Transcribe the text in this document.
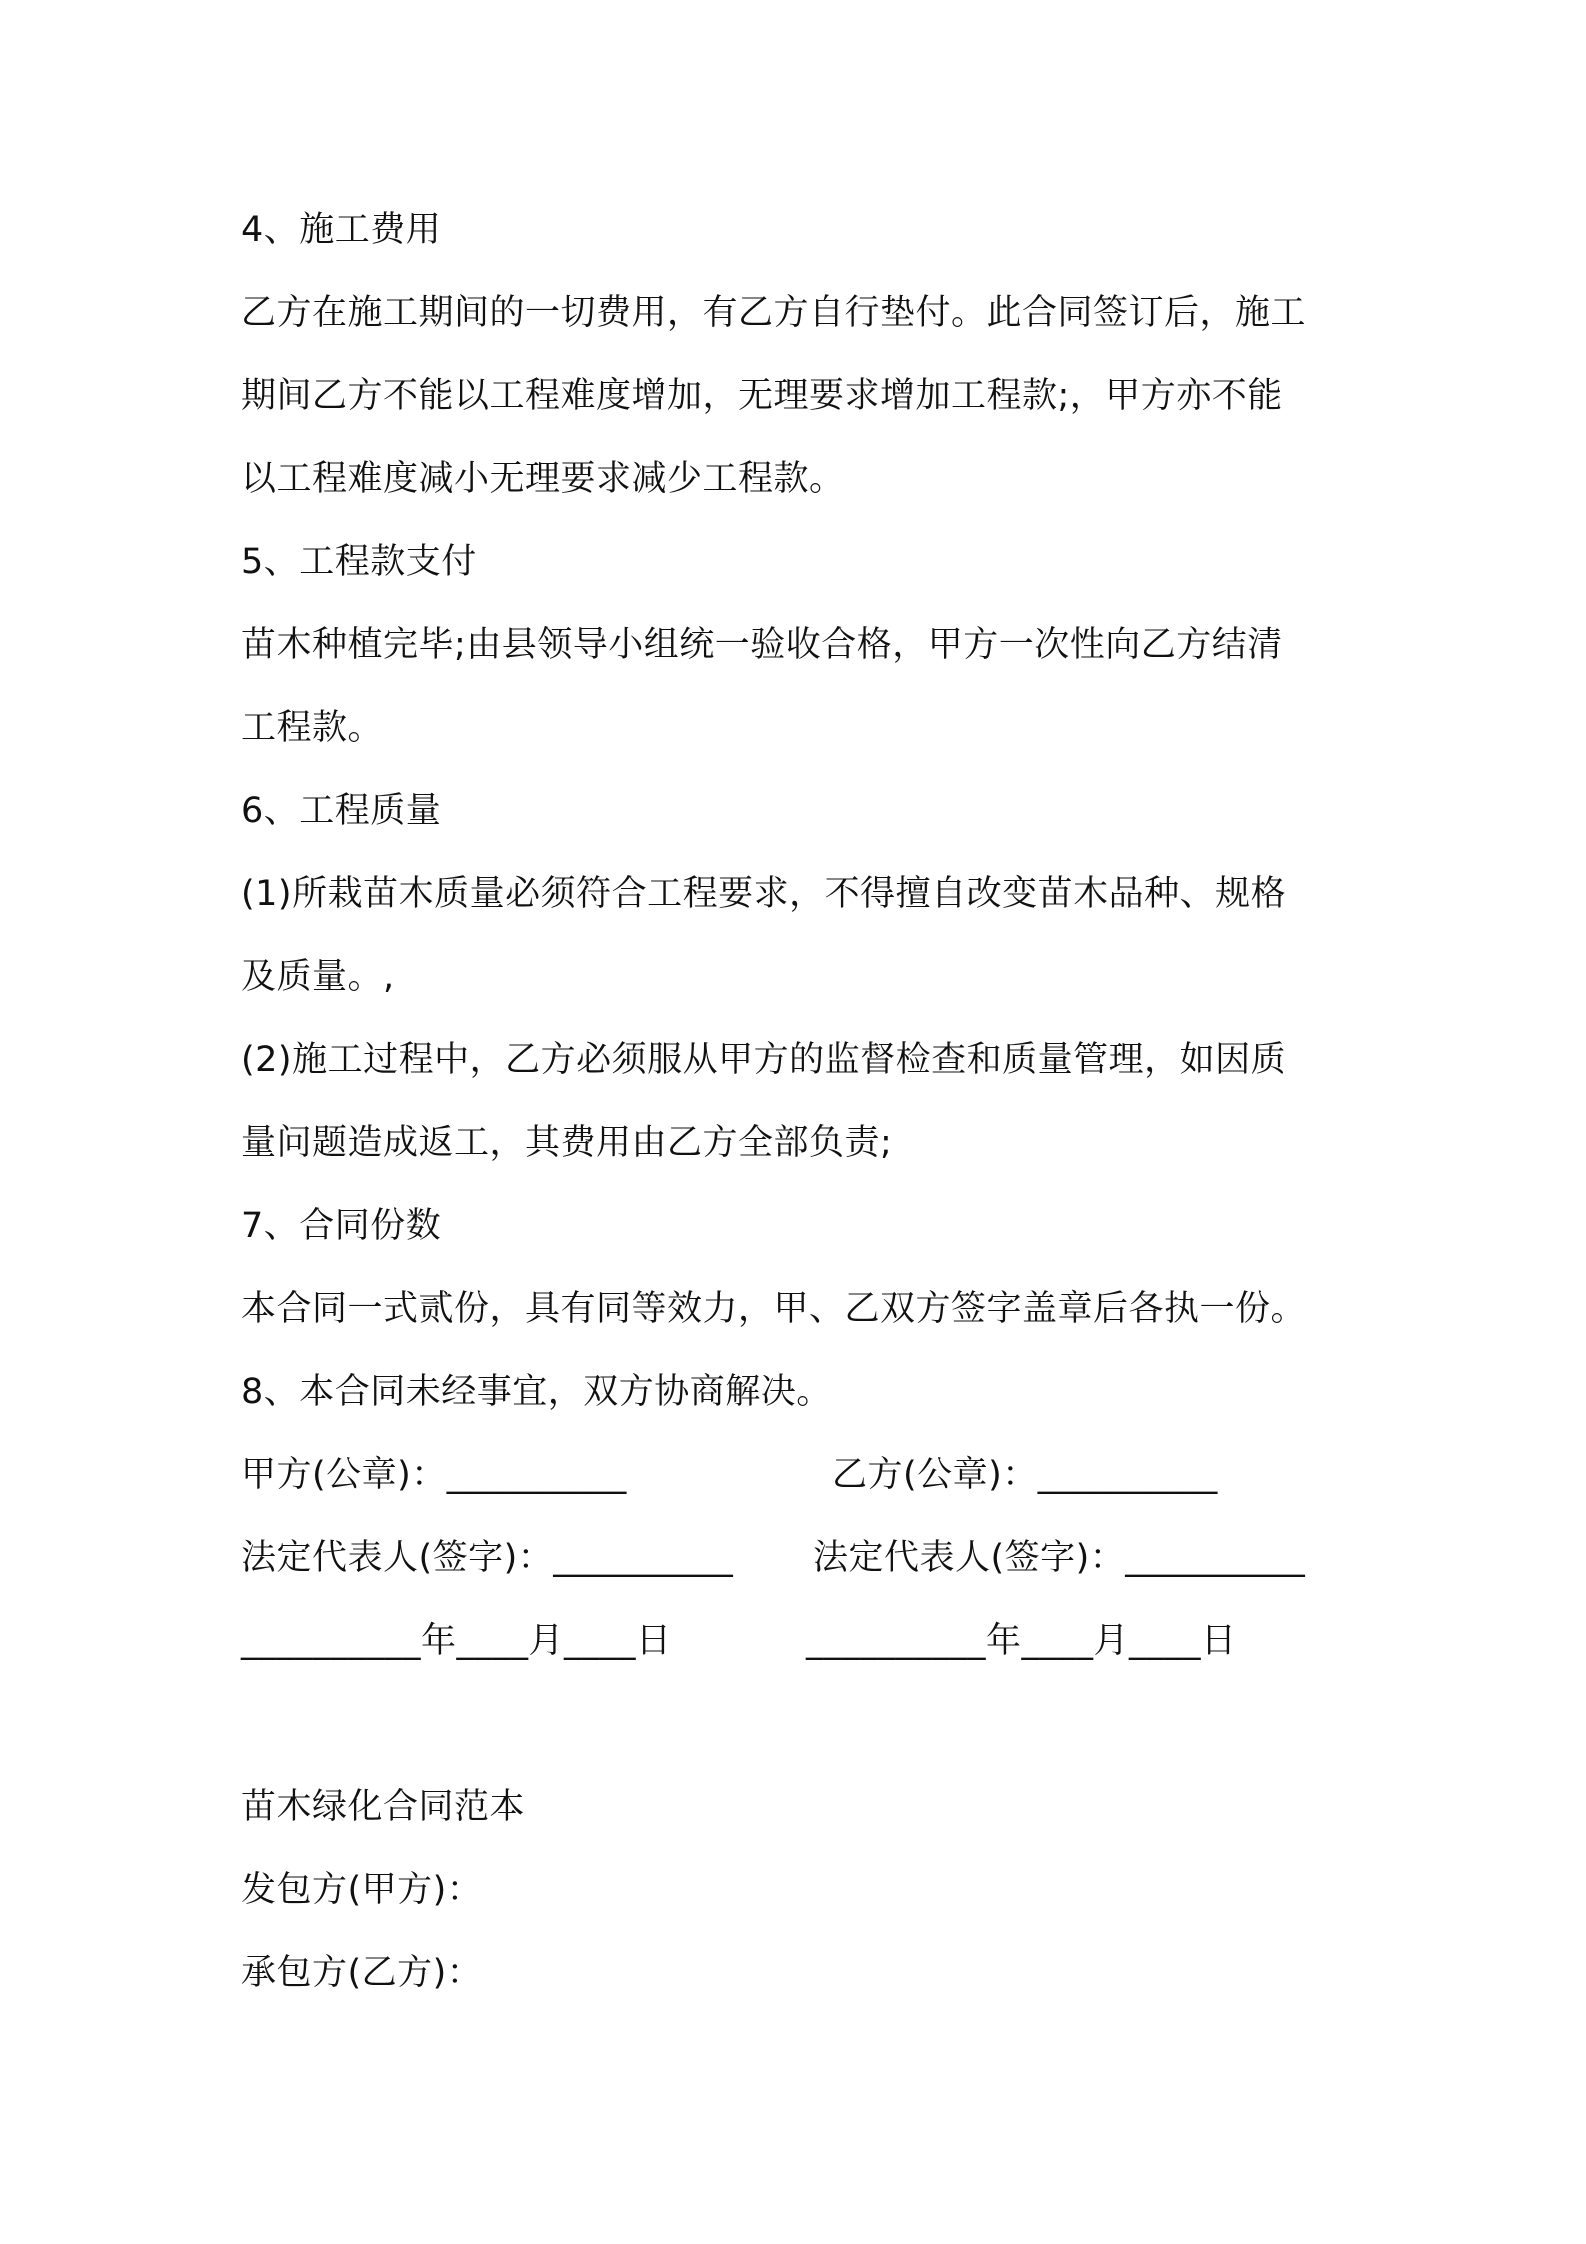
4、施工费用
乙方在施工期间的一切费用，有乙方自行垫付。此合同签订后，施工
期间乙方不能以工程难度增加，无理要求增加工程款;，甲方亦不能
以工程难度减小无理要求减少工程款。
5、工程款支付
苗木种植完毕;由县领导小组统一验收合格，甲方一次性向乙方结清
工程款。
6、工程质量
(1)所栽苗木质量必须符合工程要求，不得擅自改变苗木品种、规格
及质量。,
(2)施工过程中，乙方必须服从甲方的监督检查和质量管理，如因质
量问题造成返工，其费用由乙方全部负责;
7、合同份数
本合同一式贰份，具有同等效力，甲、乙双方签字盖章后各执一份。
8、本合同未经事宜，双方协商解决。
甲方(公章)：__________	乙方(公章)：__________
法定代表人(签字)：__________ 法定代表人(签字)：__________
__________年____月____日	__________年____月____日
苗木绿化合同范本
发包方(甲方)：
承包方(乙方)：
